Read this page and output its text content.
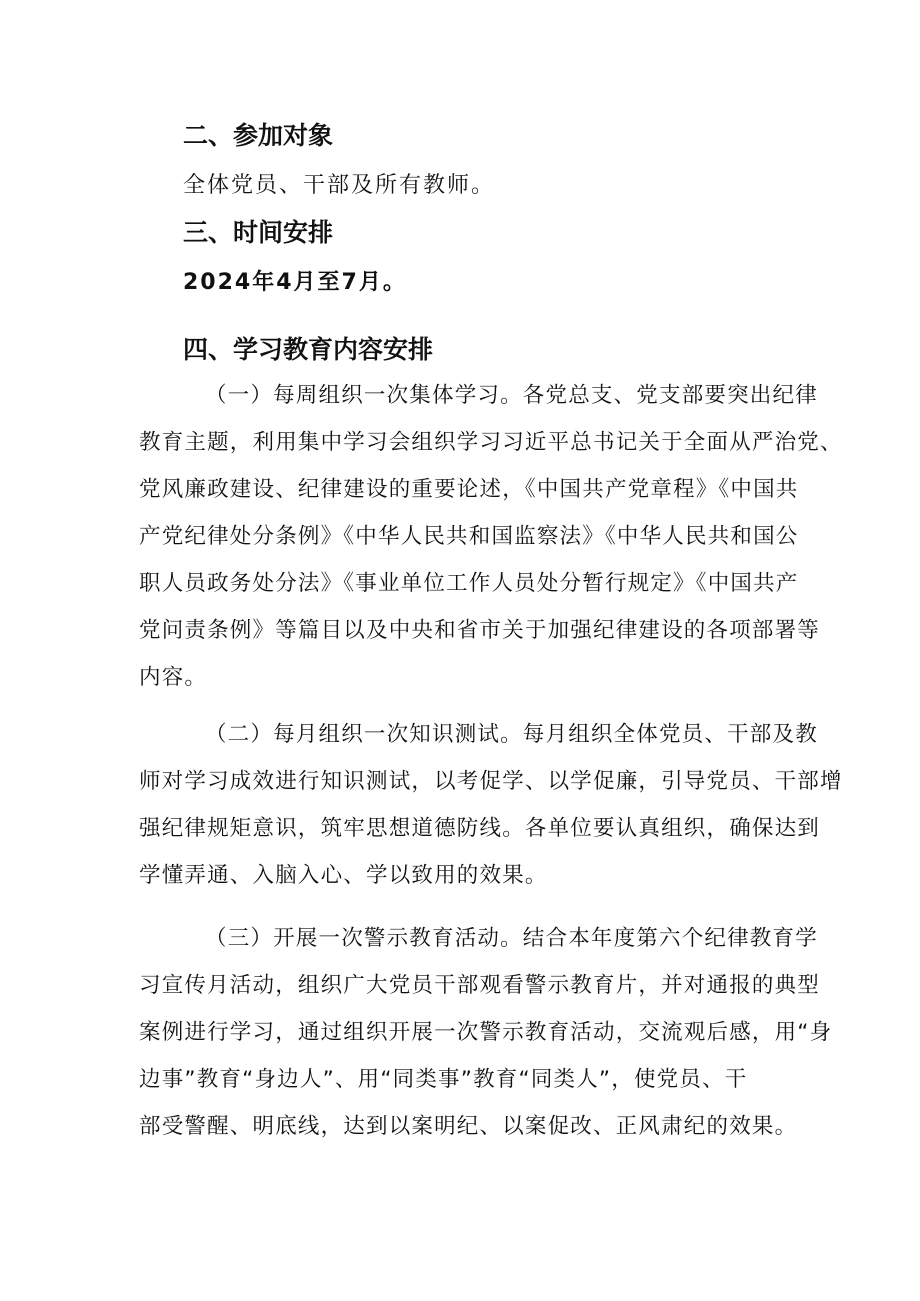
二、参加对象

全体党员、干部及所有教师。

三、时间安排

2024年4月至7月。

四、学习教育内容安排
（一）每周组织一次集体学习。各党总支、党支部要突出纪律
教育主题，利用集中学习会组织学习习近平总书记关于全面从严治党、
党风廉政建设、纪律建设的重要论述，《中国共产党章程》《中国共
产党纪律处分条例》《中华人民共和国监察法》《中华人民共和国公
职人员政务处分法》《事业单位工作人员处分暂行规定》《中国共产
党问责条例》等篇目以及中央和省市关于加强纪律建设的各项部署等
内容。
（二）每月组织一次知识测试。每月组织全体党员、干部及教
师对学习成效进行知识测试，以考促学、以学促廉，引导党员、干部增
强纪律规矩意识，筑牢思想道德防线。各单位要认真组织，确保达到
学懂弄通、入脑入心、学以致用的效果。
（三）开展一次警示教育活动。结合本年度第六个纪律教育学
习宣传月活动，组织广大党员干部观看警示教育片，并对通报的典型
案例进行学习，通过组织开展一次警示教育活动，交流观后感，用“身
边事”教育“身边人”、用“同类事”教育“同类人”，使党员、干
部受警醒、明底线，达到以案明纪、以案促改、正风肃纪的效果。
